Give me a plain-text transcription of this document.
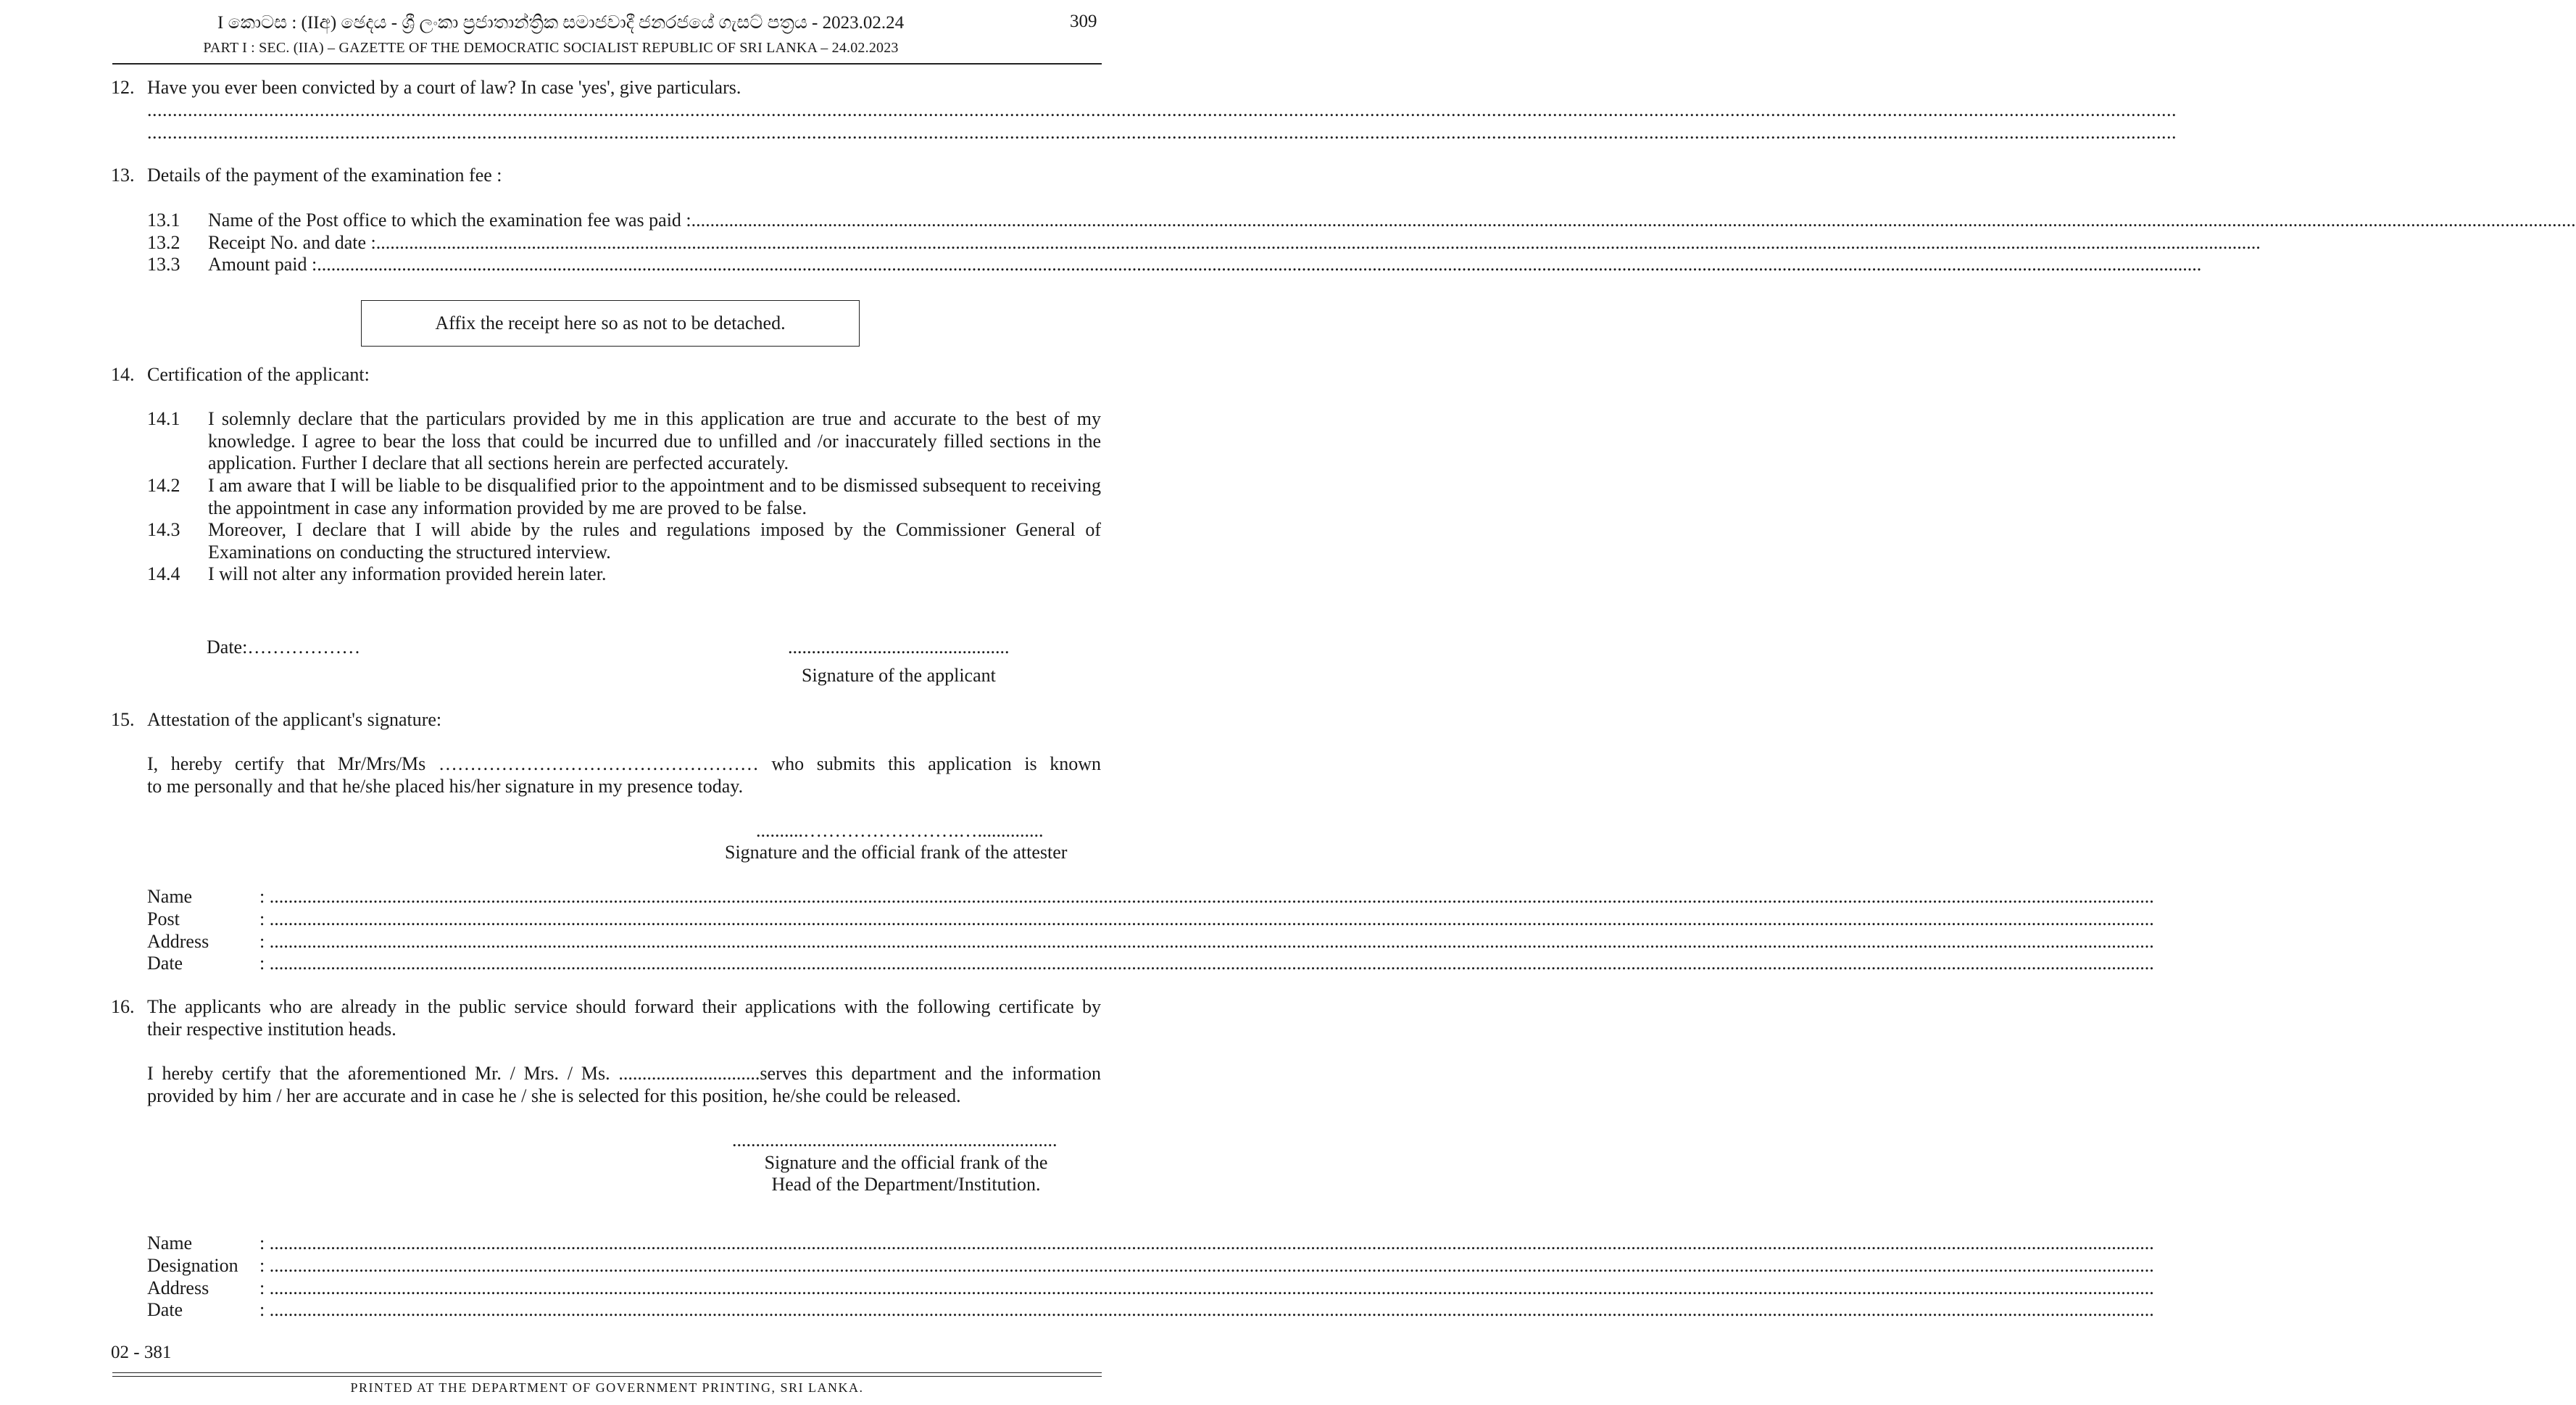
I කොටස : (IIඅ) ඡෙදය - ශ්‍රී ලංකා ප්‍රජාතාන්ත්‍රික සමාජවාදී ජනරජයේ ගැසට් පත්‍රය - 2023.02.24	309
PART I : SEC. (IIA) – GAZETTE OF THE DEMOCRATIC SOCIALIST REPUBLIC OF SRI LANKA – 24.02.2023
12. Have you ever been convicted by a court of law? In case 'yes', give particulars.
................................................................................................................................................................................................................................................................................................................................................................................................................
................................................................................................................................................................................................................................................................................................................................................................................................................
13. Details of the payment of the examination fee :
13.1 Name of the Post office to which the examination fee was paid :................................................................................................................................................................................................................................................................................................................................................................................................................
13.2 Receipt No. and date :................................................................................................................................................................................................................................................................................................................................................................................................................
13.3 Amount paid :................................................................................................................................................................................................................................................................................................................................................................................................................
Affix the receipt here so as not to be detached.
14. Certification of the applicant:
14.1 I solemnly declare that the particulars provided by me in this application are true and accurate to the best of my knowledge. I agree to bear the loss that could be incurred due to unfilled and /or inaccurately filled sections in the application. Further I declare that all sections herein are perfected accurately.
14.2 I am aware that I will be liable to be disqualified prior to the appointment and to be dismissed subsequent to receiving the appointment in case any information provided by me are proved to be false.
14.3 Moreover, I declare that I will abide by the rules and regulations imposed by the Commissioner General of Examinations on conducting the structured interview.
14.4 I will not alter any information provided herein later.
Date:………………	...............................................
Signature of the applicant
15. Attestation of the applicant's signature:
I, hereby certify that Mr/Mrs/Ms …………………………………………… who submits this application is known
to me personally and that he/she placed his/her signature in my presence today.
..........…………………….…..............
Signature and the official frank of the attester
Name	: ................................................................................................................................................................................................................................................................................................................................................................................................................
Post	: ................................................................................................................................................................................................................................................................................................................................................................................................................
Address	: ................................................................................................................................................................................................................................................................................................................................................................................................................
Date	: ................................................................................................................................................................................................................................................................................................................................................................................................................
16. The applicants who are already in the public service should forward their applications with the following certificate by
their respective institution heads.
I hereby certify that the aforementioned Mr. / Mrs. / Ms. ..............................serves this department and the information
provided by him / her are accurate and in case he / she is selected for this position, he/she could be released.
.....................................................................
Signature and the official frank of the
Head of the Department/Institution.
Name	: ................................................................................................................................................................................................................................................................................................................................................................................................................
Designation : ................................................................................................................................................................................................................................................................................................................................................................................................................
Address	: ................................................................................................................................................................................................................................................................................................................................................................................................................
Date	: ................................................................................................................................................................................................................................................................................................................................................................................................................
02 - 381
PRINTED AT THE DEPARTMENT OF GOVERNMENT PRINTING, SRI LANKA.
